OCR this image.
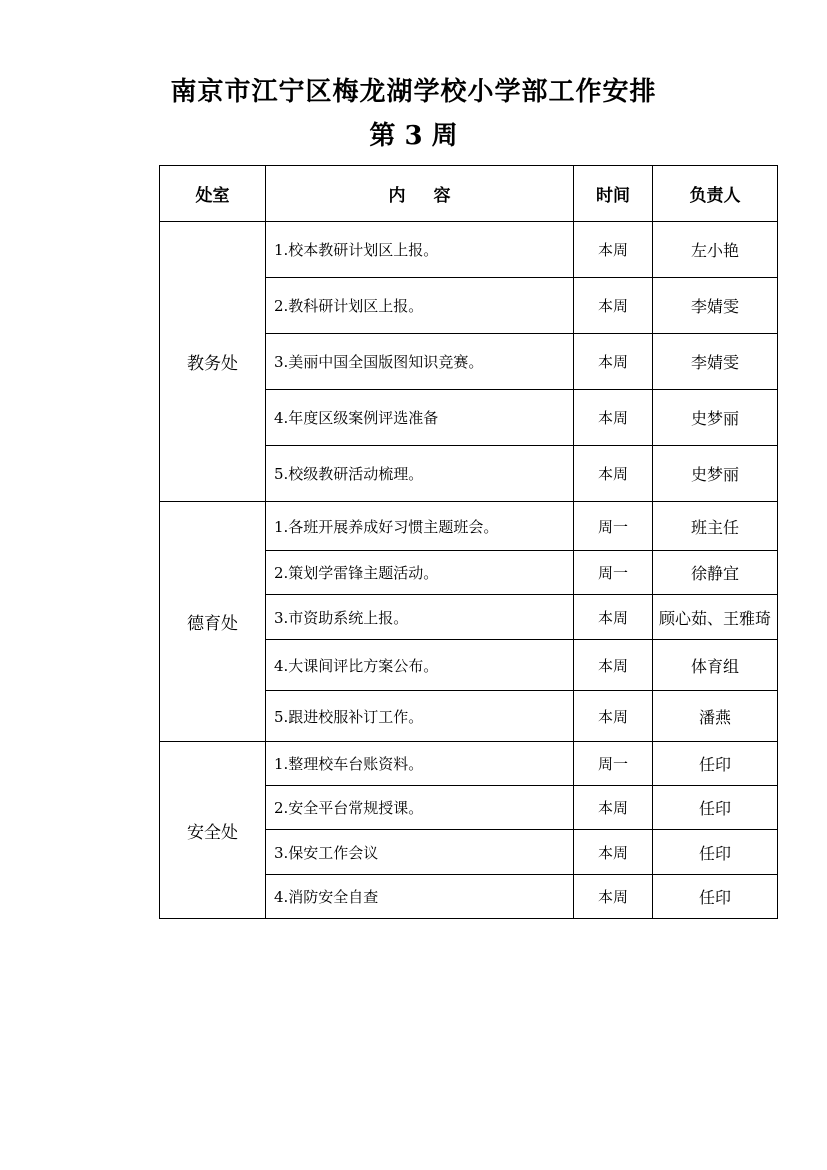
南京市江宁区梅龙湖学校小学部工作安排
第 3 周
处室	内容	时间	负责人
教务处	1.校本教研计划区上报。	本周	左小艳
	2.教科研计划区上报。	本周	李婧雯
	3.美丽中国全国版图知识竞赛。	本周	李婧雯
	4.年度区级案例评选准备	本周	史梦丽
	5.校级教研活动梳理。	本周	史梦丽
德育处	1.各班开展养成好习惯主题班会。	周一	班主任
	2.策划学雷锋主题活动。	周一	徐静宜
	3.市资助系统上报。	本周	顾心茹、王雅琦
	4.大课间评比方案公布。	本周	体育组
	5.跟进校服补订工作。	本周	潘燕
安全处	1.整理校车台账资料。	周一	任印
	2.安全平台常规授课。	本周	任印
	3.保安工作会议	本周	任印
	4.消防安全自查	本周	任印
